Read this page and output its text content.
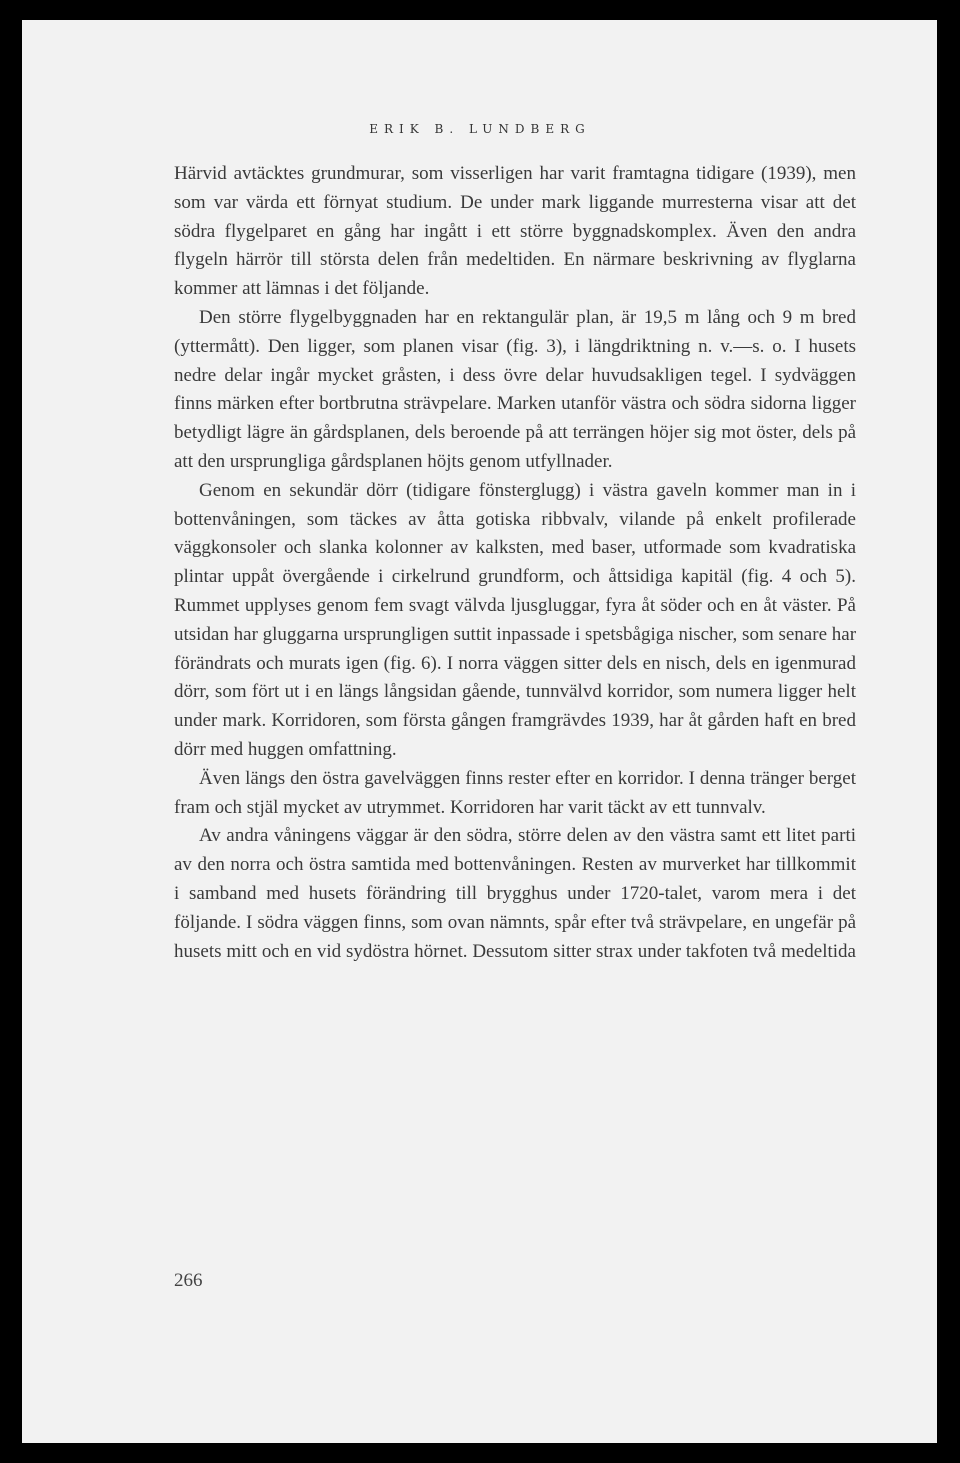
ERIK B. LUNDBERG

Härvid avtäcktes grundmurar, som visserligen har varit framtagna tidigare (1939), men som var värda ett förnyat studium. De under mark liggande murresterna visar att det södra flygelparet en gång har ingått i ett större byggnadskomplex. Även den andra flygeln härrör till största delen från medeltiden. En närmare beskrivning av flyglarna kommer att lämnas i det följande.

Den större flygelbyggnaden har en rektangulär plan, är 19,5 m lång och 9 m bred (yttermått). Den ligger, som planen visar (fig. 3), i längdriktning n. v.—s. o. I husets nedre delar ingår mycket gråsten, i dess övre delar huvudsakligen tegel. I sydväggen finns märken efter bortbrutna strävpelare. Marken utanför västra och södra sidorna ligger betydligt lägre än gårdsplanen, dels beroende på att terrängen höjer sig mot öster, dels på att den ursprungliga gårdsplanen höjts genom utfyllnader.

Genom en sekundär dörr (tidigare fönsterglugg) i västra gaveln kommer man in i bottenvåningen, som täckes av åtta gotiska ribbvalv, vilande på enkelt profilerade väggkonsoler och slanka kolonner av kalksten, med baser, utformade som kvadratiska plintar uppåt övergående i cirkelrund grundform, och åttsidiga kapitäl (fig. 4 och 5). Rummet upplyses genom fem svagt välvda ljusgluggar, fyra åt söder och en åt väster. På utsidan har gluggarna ursprungligen suttit inpassade i spetsbågiga nischer, som senare har förändrats och murats igen (fig. 6). I norra väggen sitter dels en nisch, dels en igenmurad dörr, som fört ut i en längs långsidan gående, tunnvälvd korridor, som numera ligger helt under mark. Korridoren, som första gången framgrävdes 1939, har åt gården haft en bred dörr med huggen omfattning.

Även längs den östra gavelväggen finns rester efter en korridor. I denna tränger berget fram och stjäl mycket av utrymmet. Korridoren har varit täckt av ett tunnvalv.

Av andra våningens väggar är den södra, större delen av den västra samt ett litet parti av den norra och östra samtida med bottenvåningen. Resten av murverket har tillkommit i samband med husets förändring till brygghus under 1720-talet, varom mera i det följande. I södra väggen finns, som ovan nämnts, spår efter två strävpelare, en ungefär på husets mitt och en vid sydöstra hörnet. Dessutom sitter strax under takfoten två medeltida

266
